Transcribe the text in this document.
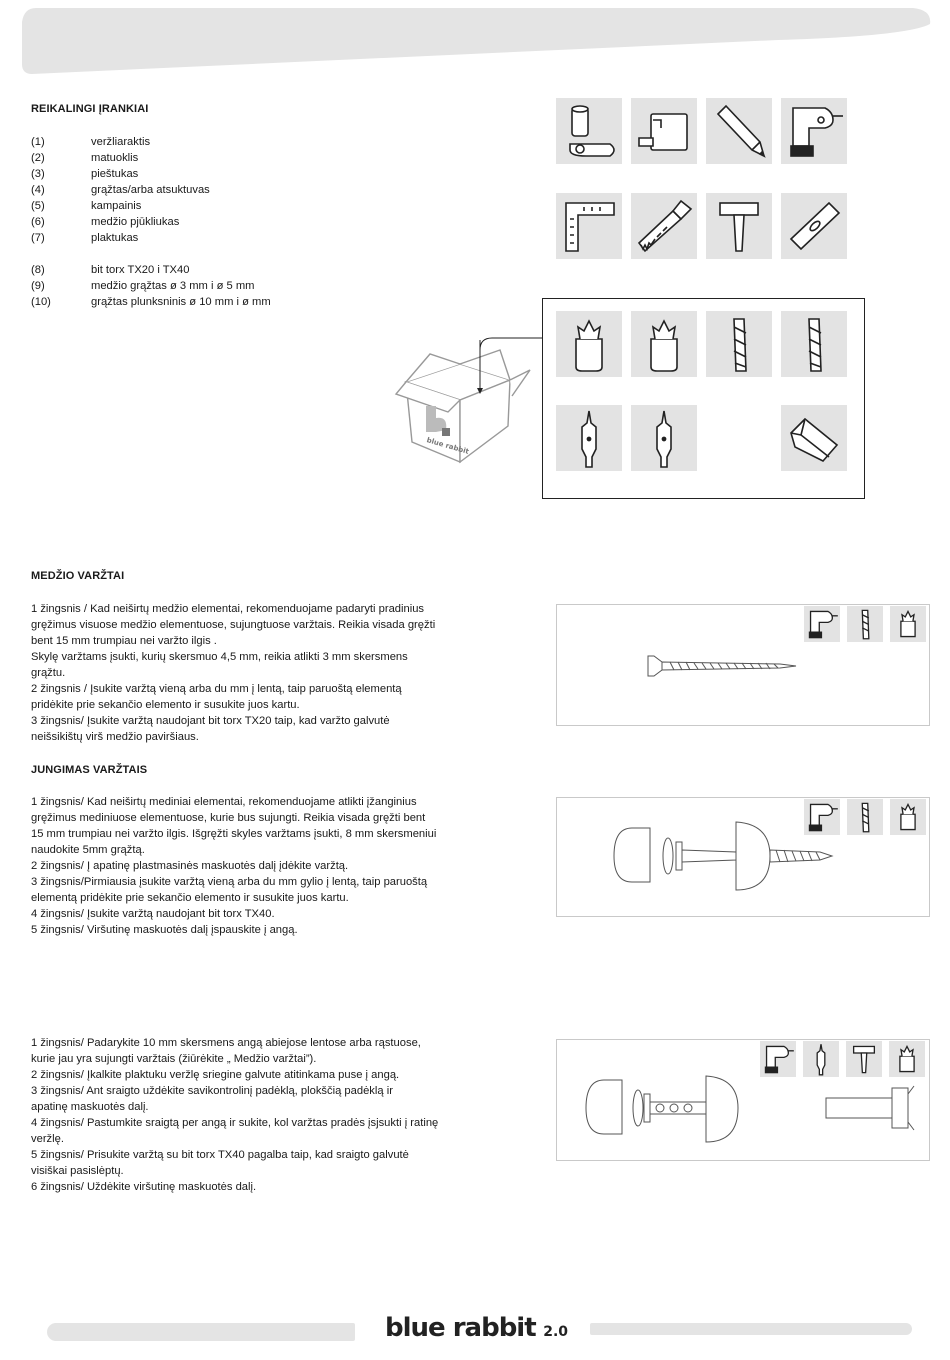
REIKALINGI ĮRANKIAI
(1)	veržliaraktis
(2)	matuoklis
(3)	pieštukas
(4)	grąžtas/arba atsuktuvas
(5)	kampainis
(6)	medžio pjūkliukas
(7)	plaktukas
(8)	bit torx TX20 i TX40
(9)	medžio grąžtas ø 3 mm i ø 5 mm
(10)	grąžtas plunksninis ø 10 mm i ø mm
blue rabbit
MEDŽIO VARŽTAI
1 žingsnis / Kad neiširtų medžio elementai, rekomenduojame padaryti pradinius
gręžimus visuose medžio elementuose, sujungtuose varžtais. Reikia visada gręžti
bent 15 mm trumpiau nei varžto ilgis .
Skylę varžtams įsukti, kurių skersmuo 4,5 mm, reikia atlikti 3 mm skersmens
grąžtu.
2 žingsnis / Įsukite varžtą vieną arba du mm į lentą, taip paruoštą elementą
pridėkite prie sekančio elemento ir susukite juos kartu.
3 žingsnis/ Įsukite varžtą naudojant bit torx TX20 taip, kad varžto galvutė
neišsikištų virš medžio paviršiaus.
JUNGIMAS VARŽTAIS
1 žingsnis/ Kad neiširtų mediniai elementai, rekomenduojame atlikti įžanginius
gręžimus mediniuose elementuose, kurie bus sujungti. Reikia visada gręžti bent
15 mm trumpiau nei varžto ilgis. Išgręžti skyles varžtams įsukti, 8 mm skersmeniui
naudokite 5mm grąžtą.
2 žingsnis/ Į apatinę plastmasinės maskuotės dalį įdėkite varžtą.
3 žingsnis/Pirmiausia įsukite varžtą vieną arba du mm gylio į lentą, taip paruoštą
elementą pridėkite prie sekančio elemento ir susukite juos kartu.
4 žingsnis/ Įsukite varžtą naudojant bit torx TX40.
5 žingsnis/ Viršutinę maskuotės dalį įspauskite į angą.
1 žingsnis/ Padarykite 10 mm skersmens angą abiejose lentose arba rąstuose,
kurie jau yra sujungti varžtais (žiūrėkite „ Medžio varžtai”).
2 žingsnis/ Įkalkite plaktuku veržlę sriegine galvute atitinkama puse į angą.
3 žingsnis/ Ant sraigto uždėkite savikontrolinį padėklą, plokščią padėklą ir
apatinę maskuotės dalį.
4 žingsnis/ Pastumkite sraigtą per angą ir sukite, kol varžtas pradės įsjsukti į ratinę
veržlę.
5 žingsnis/ Prisukite varžtą su bit torx TX40 pagalba taip, kad sraigto galvutė
visiškai pasislėptų.
6 žingsnis/ Uždėkite viršutinę maskuotės dalį.
blue rabbit 2.0
